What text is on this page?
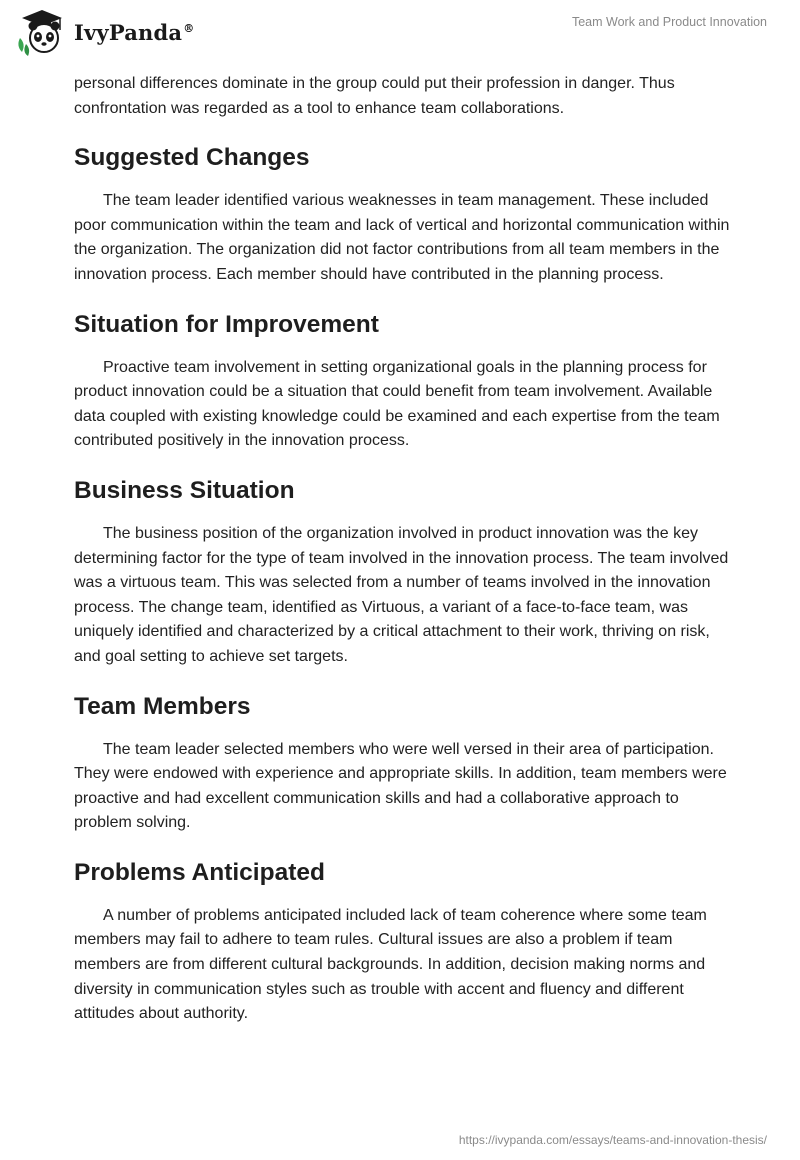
IvyPanda®	Team Work and Product Innovation

personal differences dominate in the group could put their profession in danger. Thus confrontation was regarded as a tool to enhance team collaborations.

Suggested Changes

The team leader identified various weaknesses in team management. These included poor communication within the team and lack of vertical and horizontal communication within the organization. The organization did not factor contributions from all team members in the innovation process. Each member should have contributed in the planning process.

Situation for Improvement

Proactive team involvement in setting organizational goals in the planning process for product innovation could be a situation that could benefit from team involvement. Available data coupled with existing knowledge could be examined and each expertise from the team contributed positively in the innovation process.

Business Situation

The business position of the organization involved in product innovation was the key determining factor for the type of team involved in the innovation process. The team involved was a virtuous team. This was selected from a number of teams involved in the innovation process. The change team, identified as Virtuous, a variant of a face-to-face team, was uniquely identified and characterized by a critical attachment to their work, thriving on risk, and goal setting to achieve set targets.

Team Members

The team leader selected members who were well versed in their area of participation. They were endowed with experience and appropriate skills. In addition, team members were proactive and had excellent communication skills and had a collaborative approach to problem solving.

Problems Anticipated

A number of problems anticipated included lack of team coherence where some team members may fail to adhere to team rules. Cultural issues are also a problem if team members are from different cultural backgrounds. In addition, decision making norms and diversity in communication styles such as trouble with accent and fluency and different attitudes about authority.

https://ivypanda.com/essays/teams-and-innovation-thesis/
